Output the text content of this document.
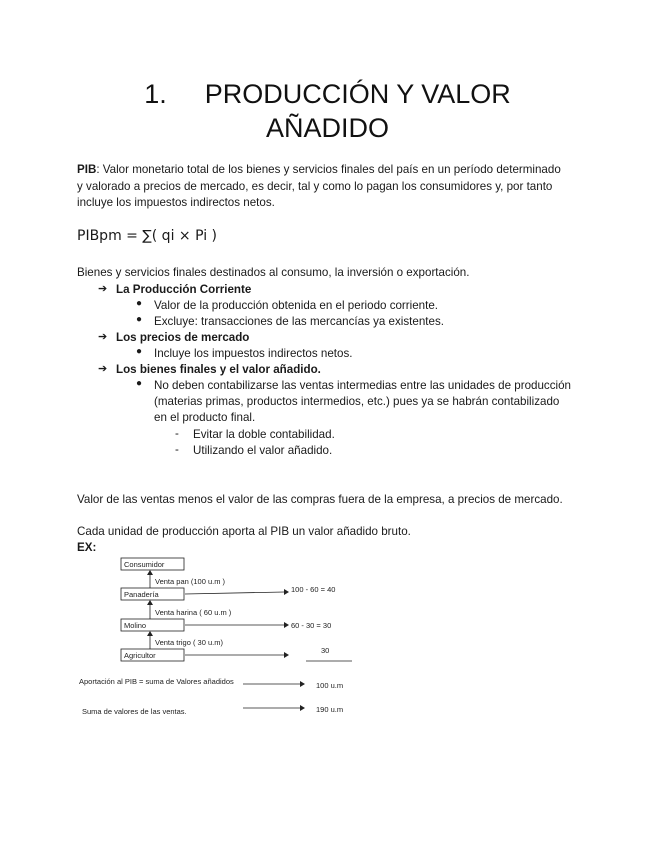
1. PRODUCCIÓN Y VALOR
AÑADIDO
PIB: Valor monetario total de los bienes y servicios finales del país en un período determinado
y valorado a precios de mercado, es decir, tal y como lo pagan los consumidores y, por tanto
incluye los impuestos indirectos netos.
PIBpm = ∑( qi × Pi )
Bienes y servicios finales destinados al consumo, la inversión o exportación.
➔ La Producción Corriente
● Valor de la producción obtenida en el periodo corriente.
● Excluye: transacciones de las mercancías ya existentes.
➔ Los precios de mercado
● Incluye los impuestos indirectos netos.
➔ Los bienes finales y el valor añadido.
● No deben contabilizarse las ventas intermedias entre las unidades de producción
(materias primas, productos intermedios, etc.) pues ya se habrán contabilizado
en el producto final.
- Evitar la doble contabilidad.
- Utilizando el valor añadido.
Valor de las ventas menos el valor de las compras fuera de la empresa, a precios de mercado.
Cada unidad de producción aporta al PIB un valor añadido bruto.
EX:
Consumidor
Panadería
Molino
Agricultor
Venta pan (100 u.m )
Venta harina ( 60 u.m )
Venta trigo ( 30 u.m)
100 - 60 = 40
60 - 30 = 30
30
Aportación al PIB = suma de Valores añadidos	100 u.m
Suma de valores de las ventas.	190 u.m
